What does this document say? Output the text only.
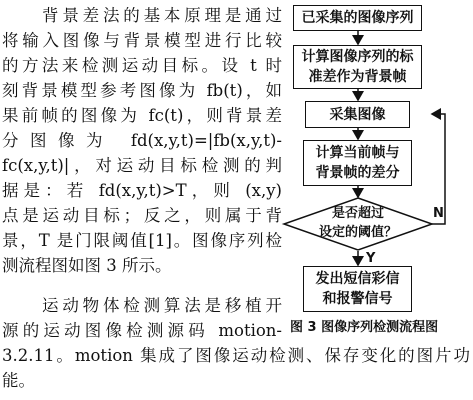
背景差法的基本原理是通过
将输入图像与背景模型进行比较
的方法来检测运动目标。设 t 时
刻背景模型参考图像为 fb(t)，如
果前帧的图像为 fc(t)，则背景差
分图像为 fd(x,y,t)=|fb(x,y,t)-
fc(x,y,t)|，对运动目标检测的判
据是：若 fd(x,y,t)>T，则 (x,y)
点是运动目标；反之，则属于背
景，T 是门限阈值[1]。图像序列检
测流程图如图 3 所示。
运动物体检测算法是移植开
源的运动图像检测源码 motion-
3.2.11。motion 集成了图像运动检测、保存变化的图片功
能。
已采集的图像序列
计算图像序列的标
准差作为背景帧
采集图像
计算当前帧与
背景帧的差分
是否超过
设定的阈值？
N
Y
发出短信彩信
和报警信号
图 3 图像序列检测流程图
